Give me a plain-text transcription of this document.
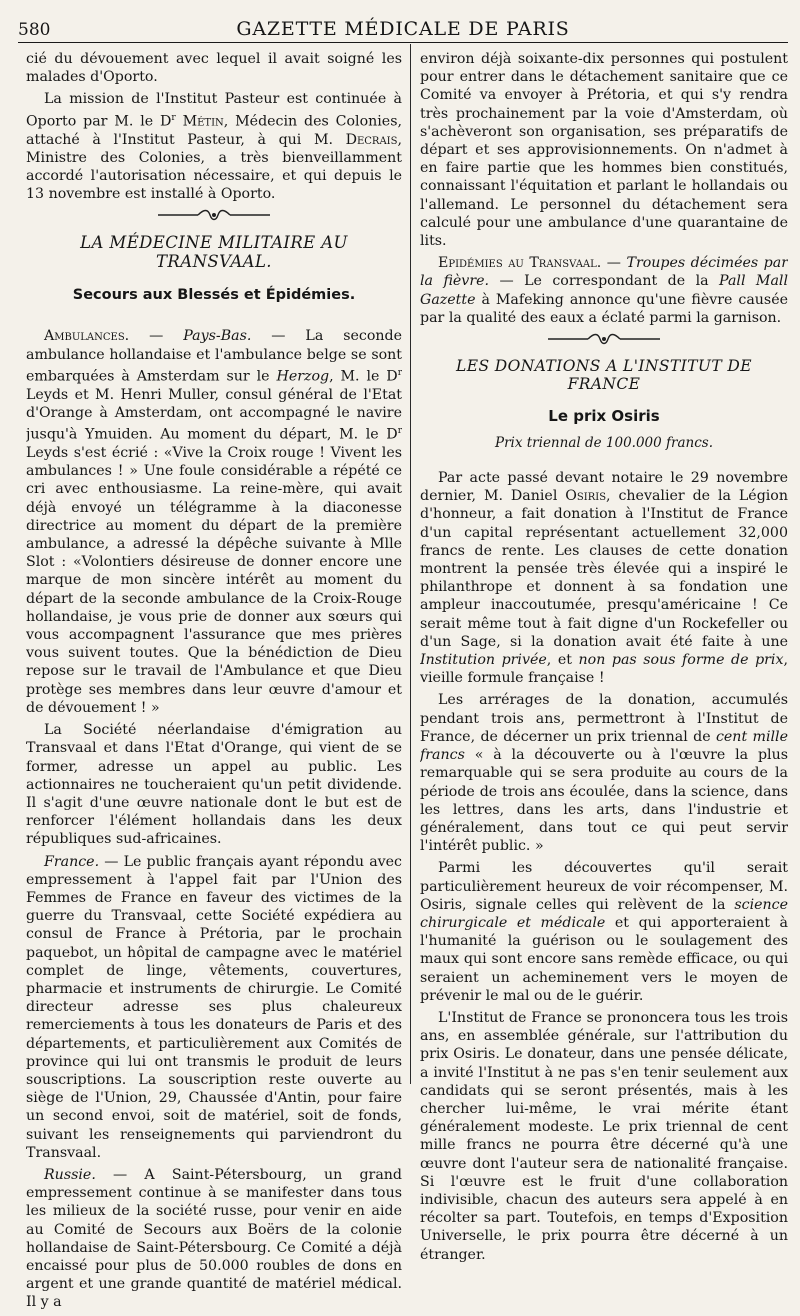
580	GAZETTE MÉDICALE DE PARIS

cié du dévouement avec lequel il avait soigné les malades d'Oporto.

La mission de l'Institut Pasteur est continuée à Oporto par M. le $D^r$ Métin, Médecin des Colonies, attaché à l'Institut Pasteur, à qui M. Decrais, Ministre des Colonies, a très bienveillamment accordé l'autorisation nécessaire, et qui depuis le 13 novembre est installé à Oporto.

LA MÉDECINE MILITAIRE AU TRANSVAAL.
Secours aux Blessés et Épidémies.

Ambulances. — Pays-Bas. — La seconde ambulance hollandaise et l'ambulance belge se sont embarquées à Amsterdam sur le Herzog, M. le $D^r$ Leyds et M. Henri Muller, consul général de l'Etat d'Orange à Amsterdam, ont accompagné le navire jusqu'à Ymuiden. Au moment du départ, M. le $D^r$ Leyds s'est écrié : «Vive la Croix rouge ! Vivent les ambulances ! » Une foule considérable a répété ce cri avec enthousiasme. La reine-mère, qui avait déjà envoyé un télégramme à la diaconesse directrice au moment du départ de la première ambulance, a adressé la dépêche suivante à Mlle Slot : «Volontiers désireuse de donner encore une marque de mon sincère intérêt au moment du départ de la seconde ambulance de la Croix-Rouge hollandaise, je vous prie de donner aux sœurs qui vous accompagnent l'assurance que mes prières vous suivent toutes. Que la bénédiction de Dieu repose sur le travail de l'Ambulance et que Dieu protège ses membres dans leur œuvre d'amour et de dévouement ! »

La Société néerlandaise d'émigration au Transvaal et dans l'Etat d'Orange, qui vient de se former, adresse un appel au public. Les actionnaires ne toucheraient qu'un petit dividende. Il s'agit d'une œuvre nationale dont le but est de renforcer l'élément hollandais dans les deux républiques sud-africaines.

France. — Le public français ayant répondu avec empressement à l'appel fait par l'Union des Femmes de France en faveur des victimes de la guerre du Transvaal, cette Société expédiera au consul de France à Prétoria, par le prochain paquebot, un hôpital de campagne avec le matériel complet de linge, vêtements, couvertures, pharmacie et instruments de chirurgie. Le Comité directeur adresse ses plus chaleureux remerciements à tous les donateurs de Paris et des départements, et particulièrement aux Comités de province qui lui ont transmis le produit de leurs souscriptions. La souscription reste ouverte au siège de l'Union, 29, Chaussée d'Antin, pour faire un second envoi, soit de matériel, soit de fonds, suivant les renseignements qui parviendront du Transvaal.

Russie. — A Saint-Pétersbourg, un grand empressement continue à se manifester dans tous les milieux de la société russe, pour venir en aide au Comité de Secours aux Boërs de la colonie hollandaise de Saint-Pétersbourg. Ce Comité a déjà encaissé pour plus de 50.000 roubles de dons en argent et une grande quantité de matériel médical. Il y a

environ déjà soixante-dix personnes qui postulent pour entrer dans le détachement sanitaire que ce Comité va envoyer à Prétoria, et qui s'y rendra très prochainement par la voie d'Amsterdam, où s'achèveront son organisation, ses préparatifs de départ et ses approvisionnements. On n'admet à en faire partie que les hommes bien constitués, connaissant l'équitation et parlant le hollandais ou l'allemand. Le personnel du détachement sera calculé pour une ambulance d'une quarantaine de lits.

Epidémies au Transvaal. — Troupes décimées par la fièvre. — Le correspondant de la Pall Mall Gazette à Mafeking annonce qu'une fièvre causée par la qualité des eaux a éclaté parmi la garnison.

LES DONATIONS A L'INSTITUT DE FRANCE
Le prix Osiris
Prix triennal de 100.000 francs.

Par acte passé devant notaire le 29 novembre dernier, M. Daniel Osiris, chevalier de la Légion d'honneur, a fait donation à l'Institut de France d'un capital représentant actuellement 32,000 francs de rente. Les clauses de cette donation montrent la pensée très élevée qui a inspiré le philanthrope et donnent à sa fondation une ampleur inaccoutumée, presqu'américaine ! Ce serait même tout à fait digne d'un Rockefeller ou d'un Sage, si la donation avait été faite à une Institution privée, et non pas sous forme de prix, vieille formule française !

Les arrérages de la donation, accumulés pendant trois ans, permettront à l'Institut de France, de décerner un prix triennal de cent mille francs « à la découverte ou à l'œuvre la plus remarquable qui se sera produite au cours de la période de trois ans écoulée, dans la science, dans les lettres, dans les arts, dans l'industrie et généralement, dans tout ce qui peut servir l'intérêt public. »

Parmi les découvertes qu'il serait particulièrement heureux de voir récompenser, M. Osiris, signale celles qui relèvent de la science chirurgicale et médicale et qui apporteraient à l'humanité la guérison ou le soulagement des maux qui sont encore sans remède efficace, ou qui seraient un acheminement vers le moyen de prévenir le mal ou de le guérir.

L'Institut de France se prononcera tous les trois ans, en assemblée générale, sur l'attribution du prix Osiris. Le donateur, dans une pensée délicate, a invité l'Institut à ne pas s'en tenir seulement aux candidats qui se seront présentés, mais à les chercher lui-même, le vrai mérite étant généralement modeste. Le prix triennal de cent mille francs ne pourra être décerné qu'à une œuvre dont l'auteur sera de nationalité française. Si l'œuvre est le fruit d'une collaboration indivisible, chacun des auteurs sera appelé à en récolter sa part. Toutefois, en temps d'Exposition Universelle, le prix pourra être décerné à un étranger.
